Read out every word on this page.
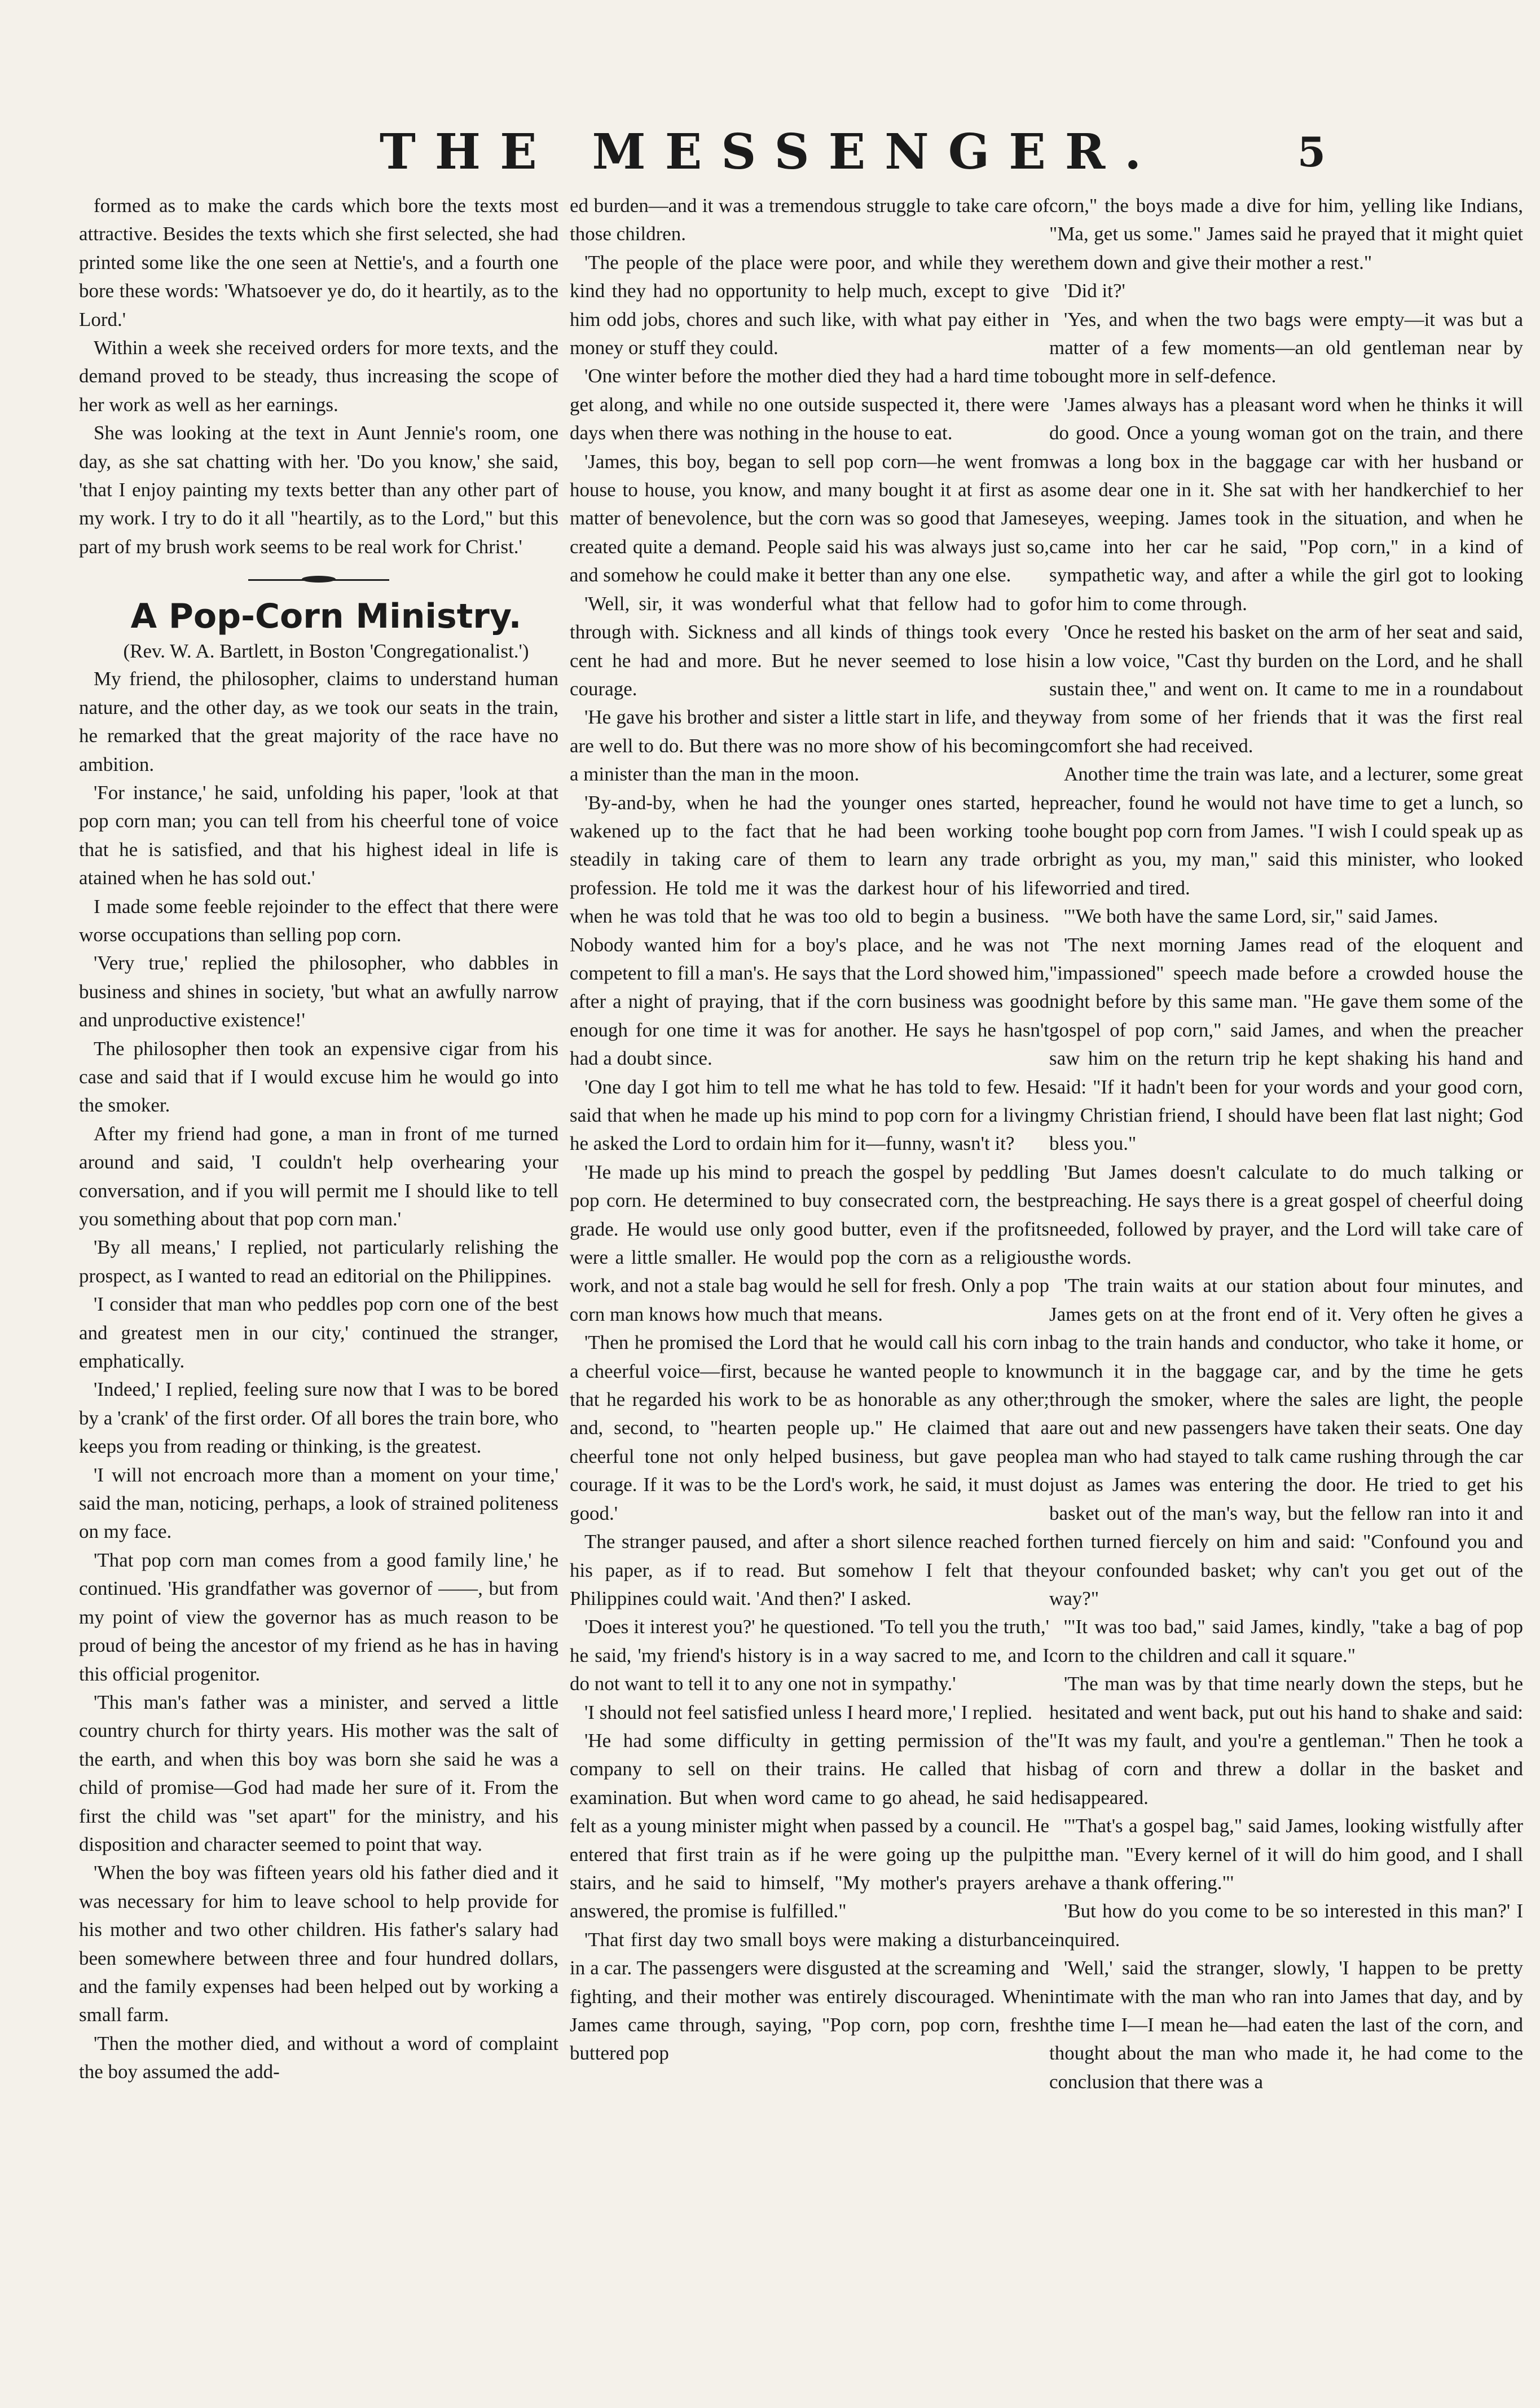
THE MESSENGER.	5

formed as to make the cards which bore the texts most attractive. Besides the texts which she first selected, she had printed some like the one seen at Nettie's, and a fourth one bore these words: 'Whatsoever ye do, do it heartily, as to the Lord.'

Within a week she received orders for more texts, and the demand proved to be steady, thus increasing the scope of her work as well as her earnings.

She was looking at the text in Aunt Jennie's room, one day, as she sat chatting with her. 'Do you know,' she said, 'that I enjoy painting my texts better than any other part of my work. I try to do it all "heartily, as to the Lord," but this part of my brush work seems to be real work for Christ.'

A Pop-Corn Ministry.

(Rev. W. A. Bartlett, in Boston 'Congregationalist.')

My friend, the philosopher, claims to understand human nature, and the other day, as we took our seats in the train, he remarked that the great majority of the race have no ambition.

'For instance,' he said, unfolding his paper, 'look at that pop corn man; you can tell from his cheerful tone of voice that he is satisfied, and that his highest ideal in life is atained when he has sold out.'

I made some feeble rejoinder to the effect that there were worse occupations than selling pop corn.

'Very true,' replied the philosopher, who dabbles in business and shines in society, 'but what an awfully narrow and unproductive existence!'

The philosopher then took an expensive cigar from his case and said that if I would excuse him he would go into the smoker.

After my friend had gone, a man in front of me turned around and said, 'I couldn't help overhearing your conversation, and if you will permit me I should like to tell you something about that pop corn man.'

'By all means,' I replied, not particularly relishing the prospect, as I wanted to read an editorial on the Philippines.

'I consider that man who peddles pop corn one of the best and greatest men in our city,' continued the stranger, emphatically.

'Indeed,' I replied, feeling sure now that I was to be bored by a 'crank' of the first order. Of all bores the train bore, who keeps you from reading or thinking, is the greatest.

'I will not encroach more than a moment on your time,' said the man, noticing, perhaps, a look of strained politeness on my face.

'That pop corn man comes from a good family line,' he continued. 'His grandfather was governor of ——, but from my point of view the governor has as much reason to be proud of being the ancestor of my friend as he has in having this official progenitor.

'This man's father was a minister, and served a little country church for thirty years. His mother was the salt of the earth, and when this boy was born she said he was a child of promise—God had made her sure of it. From the first the child was "set apart" for the ministry, and his disposition and character seemed to point that way.

'When the boy was fifteen years old his father died and it was necessary for him to leave school to help provide for his mother and two other children. His father's salary had been somewhere between three and four hundred dollars, and the family expenses had been helped out by working a small farm.

'Then the mother died, and without a word of complaint the boy assumed the add-

ed burden—and it was a tremendous struggle to take care of those children.

'The people of the place were poor, and while they were kind they had no opportunity to help much, except to give him odd jobs, chores and such like, with what pay either in money or stuff they could.

'One winter before the mother died they had a hard time to get along, and while no one outside suspected it, there were days when there was nothing in the house to eat.

'James, this boy, began to sell pop corn—he went from house to house, you know, and many bought it at first as a matter of benevolence, but the corn was so good that James created quite a demand. People said his was always just so, and somehow he could make it better than any one else.

'Well, sir, it was wonderful what that fellow had to go through with. Sickness and all kinds of things took every cent he had and more. But he never seemed to lose his courage.

'He gave his brother and sister a little start in life, and they are well to do. But there was no more show of his becoming a minister than the man in the moon.

'By-and-by, when he had the younger ones started, he wakened up to the fact that he had been working too steadily in taking care of them to learn any trade or profession. He told me it was the darkest hour of his life when he was told that he was too old to begin a business. Nobody wanted him for a boy's place, and he was not competent to fill a man's. He says that the Lord showed him, after a night of praying, that if the corn business was good enough for one time it was for another. He says he hasn't had a doubt since.

'One day I got him to tell me what he has told to few. He said that when he made up his mind to pop corn for a living he asked the Lord to ordain him for it—funny, wasn't it?

'He made up his mind to preach the gospel by peddling pop corn. He determined to buy consecrated corn, the best grade. He would use only good butter, even if the profits were a little smaller. He would pop the corn as a religious work, and not a stale bag would he sell for fresh. Only a pop corn man knows how much that means.

'Then he promised the Lord that he would call his corn in a cheerful voice—first, because he wanted people to know that he regarded his work to be as honorable as any other; and, second, to "hearten people up." He claimed that a cheerful tone not only helped business, but gave people courage. If it was to be the Lord's work, he said, it must do good.'

The stranger paused, and after a short silence reached for his paper, as if to read. But somehow I felt that the Philippines could wait. 'And then?' I asked.

'Does it interest you?' he questioned. 'To tell you the truth,' he said, 'my friend's history is in a way sacred to me, and I do not want to tell it to any one not in sympathy.'

'I should not feel satisfied unless I heard more,' I replied.

'He had some difficulty in getting permission of the company to sell on their trains. He called that his examination. But when word came to go ahead, he said he felt as a young minister might when passed by a council. He entered that first train as if he were going up the pulpit stairs, and he said to himself, "My mother's prayers are answered, the promise is fulfilled."

'That first day two small boys were making a disturbance in a car. The passengers were disgusted at the screaming and fighting, and their mother was entirely discouraged. When James came through, saying, "Pop corn, pop corn, fresh buttered pop

corn," the boys made a dive for him, yelling like Indians, "Ma, get us some." James said he prayed that it might quiet them down and give their mother a rest."

'Did it?'

'Yes, and when the two bags were empty—it was but a matter of a few moments—an old gentleman near by bought more in self-defence.

'James always has a pleasant word when he thinks it will do good. Once a young woman got on the train, and there was a long box in the baggage car with her husband or some dear one in it. She sat with her handkerchief to her eyes, weeping. James took in the situation, and when he came into her car he said, "Pop corn," in a kind of sympathetic way, and after a while the girl got to looking for him to come through.

'Once he rested his basket on the arm of her seat and said, in a low voice, "Cast thy burden on the Lord, and he shall sustain thee," and went on. It came to me in a roundabout way from some of her friends that it was the first real comfort she had received.

Another time the train was late, and a lecturer, some great preacher, found he would not have time to get a lunch, so he bought pop corn from James. "I wish I could speak up as bright as you, my man," said this minister, who looked worried and tired.

'"We both have the same Lord, sir," said James.

'The next morning James read of the eloquent and "impassioned" speech made before a crowded house the night before by this same man. "He gave them some of the gospel of pop corn," said James, and when the preacher saw him on the return trip he kept shaking his hand and said: "If it hadn't been for your words and your good corn, my Christian friend, I should have been flat last night; God bless you."

'But James doesn't calculate to do much talking or preaching. He says there is a great gospel of cheerful doing needed, followed by prayer, and the Lord will take care of the words.

'The train waits at our station about four minutes, and James gets on at the front end of it. Very often he gives a bag to the train hands and conductor, who take it home, or munch it in the baggage car, and by the time he gets through the smoker, where the sales are light, the people are out and new passengers have taken their seats. One day a man who had stayed to talk came rushing through the car just as James was entering the door. He tried to get his basket out of the man's way, but the fellow ran into it and then turned fiercely on him and said: "Confound you and your confounded basket; why can't you get out of the way?"

'"It was too bad," said James, kindly, "take a bag of pop corn to the children and call it square."

'The man was by that time nearly down the steps, but he hesitated and went back, put out his hand to shake and said: "It was my fault, and you're a gentleman." Then he took a bag of corn and threw a dollar in the basket and disappeared.

'"That's a gospel bag," said James, looking wistfully after the man. "Every kernel of it will do him good, and I shall have a thank offering."'

'But how do you come to be so interested in this man?' I inquired.

'Well,' said the stranger, slowly, 'I happen to be pretty intimate with the man who ran into James that day, and by the time I—I mean he—had eaten the last of the corn, and thought about the man who made it, he had come to the conclusion that there was a
